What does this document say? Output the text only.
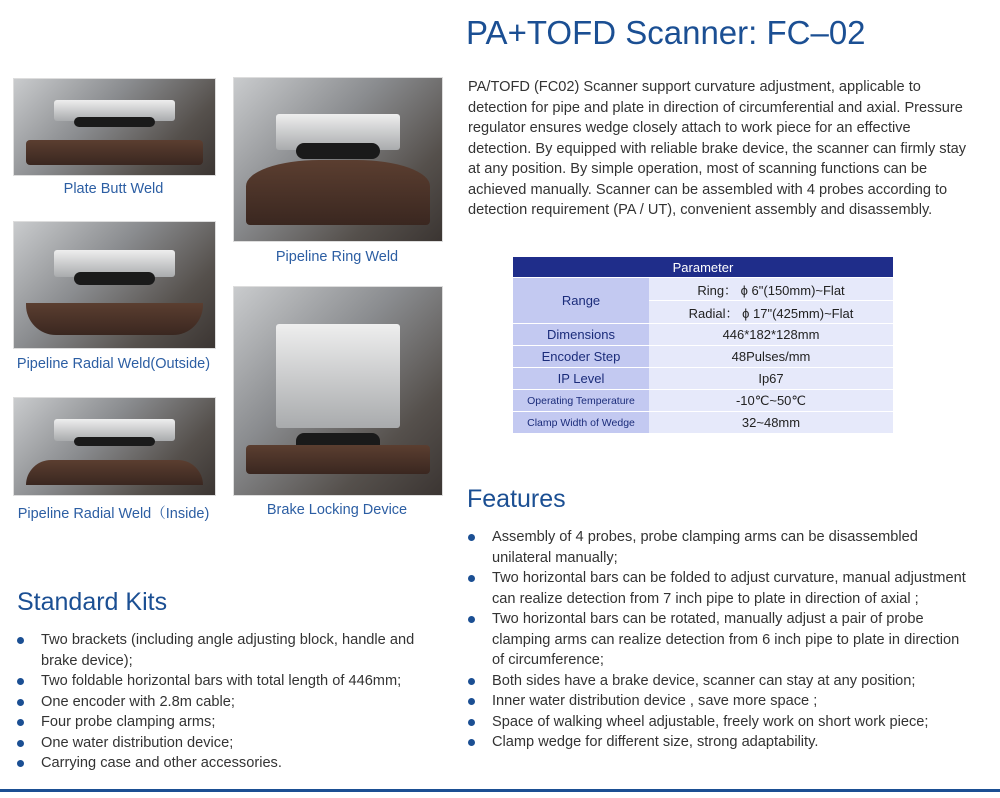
PA+TOFD Scanner: FC–02
Plate Butt Weld
Pipeline Ring Weld
Pipeline Radial Weld(Outside)
Brake Locking Device
Pipeline Radial Weld（Inside)

PA/TOFD (FC02) Scanner support curvature adjustment, applicable to detection for pipe and plate in direction of circumferential and axial. Pressure regulator ensures wedge closely attach to work piece for an effective detection. By equipped with reliable brake device, the scanner can firmly stay at any position. By simple operation, most of scanning functions can be achieved manually. Scanner can be assembled with 4 probes according to detection requirement (PA / UT), convenient assembly and disassembly.

Parameter	
Range	Ring： ϕ 6"(150mm)~Flat
	Radial： ϕ 17"(425mm)~Flat
Dimensions	446*182*128mm
Encoder Step	48Pulses/mm
IP Level	Ip67
Operating Temperature	-10℃~50℃
Clamp Width of Wedge	32~48mm
Features
Assembly of 4 probes, probe clamping arms can be disassembled unilateral manually;
Two horizontal bars can be folded to adjust curvature, manual adjustment can realize detection from 7 inch pipe to plate in direction of axial ;
Two horizontal bars can be rotated, manually adjust a pair of probe clamping arms can realize detection from 6 inch pipe to plate in direction of circumference;
Both sides have a brake device, scanner can stay at any position;
Inner water distribution device , save more space ;
Space of walking wheel adjustable, freely work on short work piece;
Clamp wedge for different size, strong adaptability.
Standard Kits
Two brackets (including angle adjusting block, handle and brake device);
Two foldable horizontal bars with total length of 446mm;
One encoder with 2.8m cable;
Four probe clamping arms;
One water distribution device;
Carrying case and other accessories.
